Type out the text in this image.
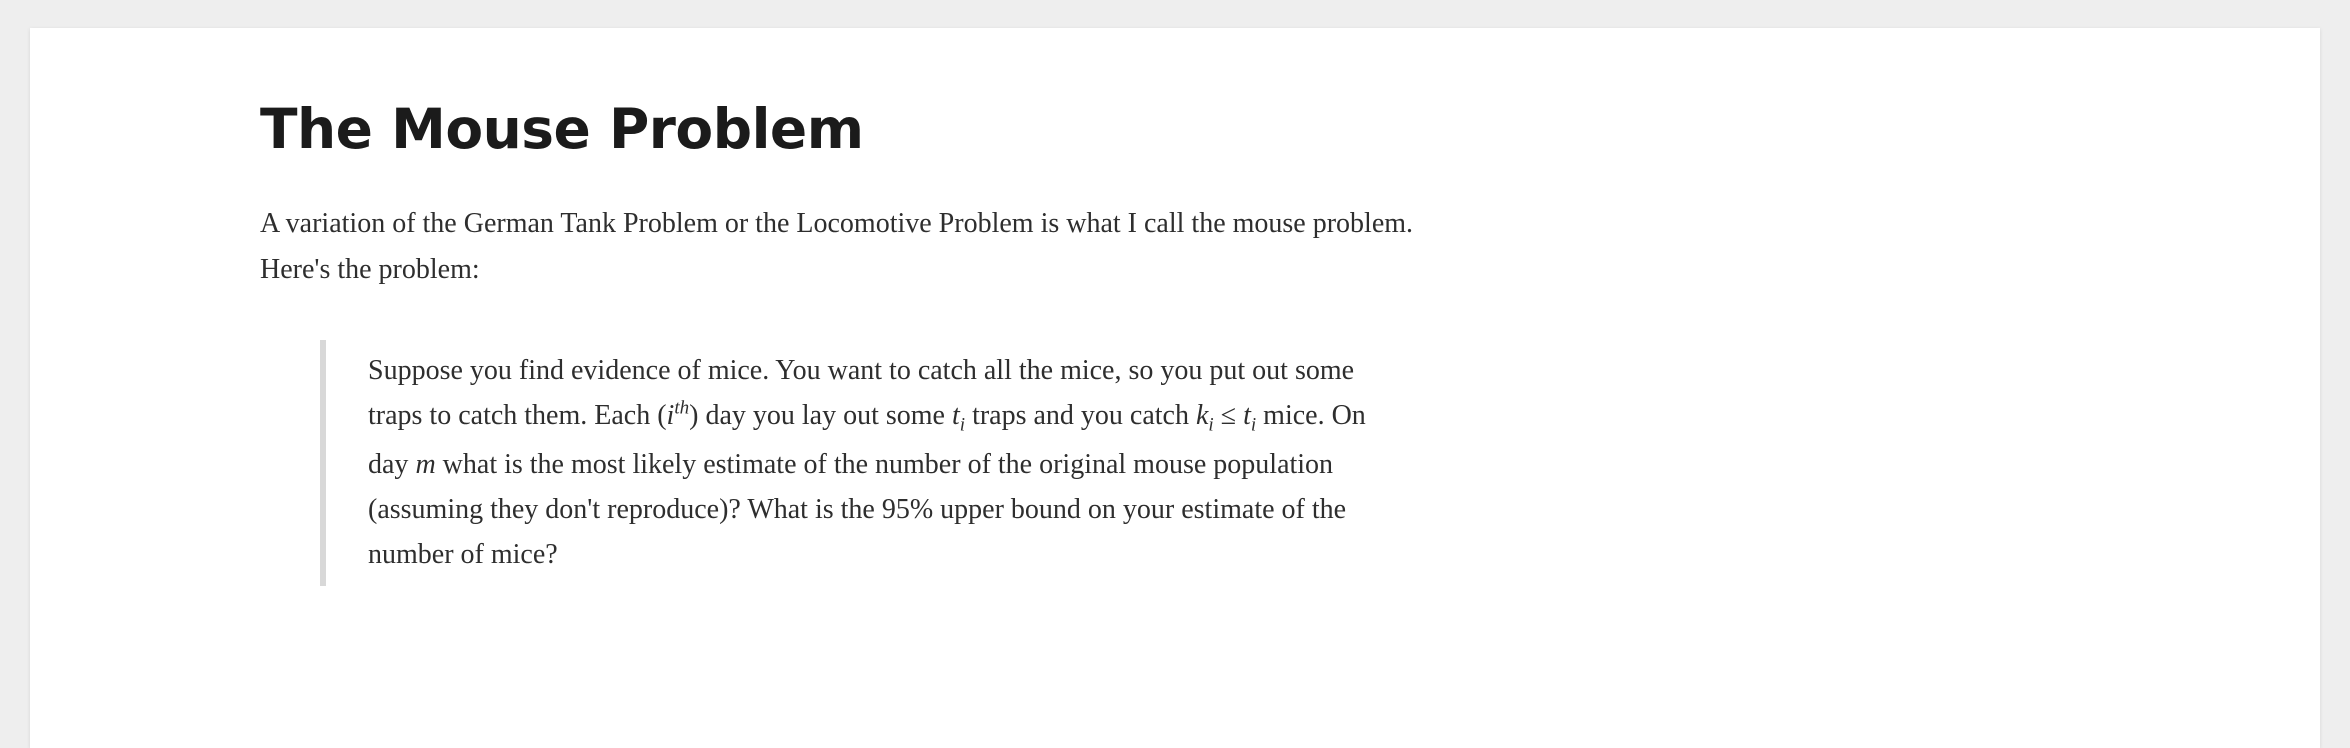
The Mouse Problem

A variation of the German Tank Problem or the Locomotive Problem is what I call the mouse problem. Here's the problem:

Suppose you find evidence of mice. You want to catch all the mice, so you put out some traps to catch them. Each $(i^{th})$ day you lay out some $t_i$ traps and you catch $k_i \le t_i$ mice. On day m what is the most likely estimate of the number of the original mouse population (assuming they don't reproduce)? What is the 95% upper bound on your estimate of the number of mice?
